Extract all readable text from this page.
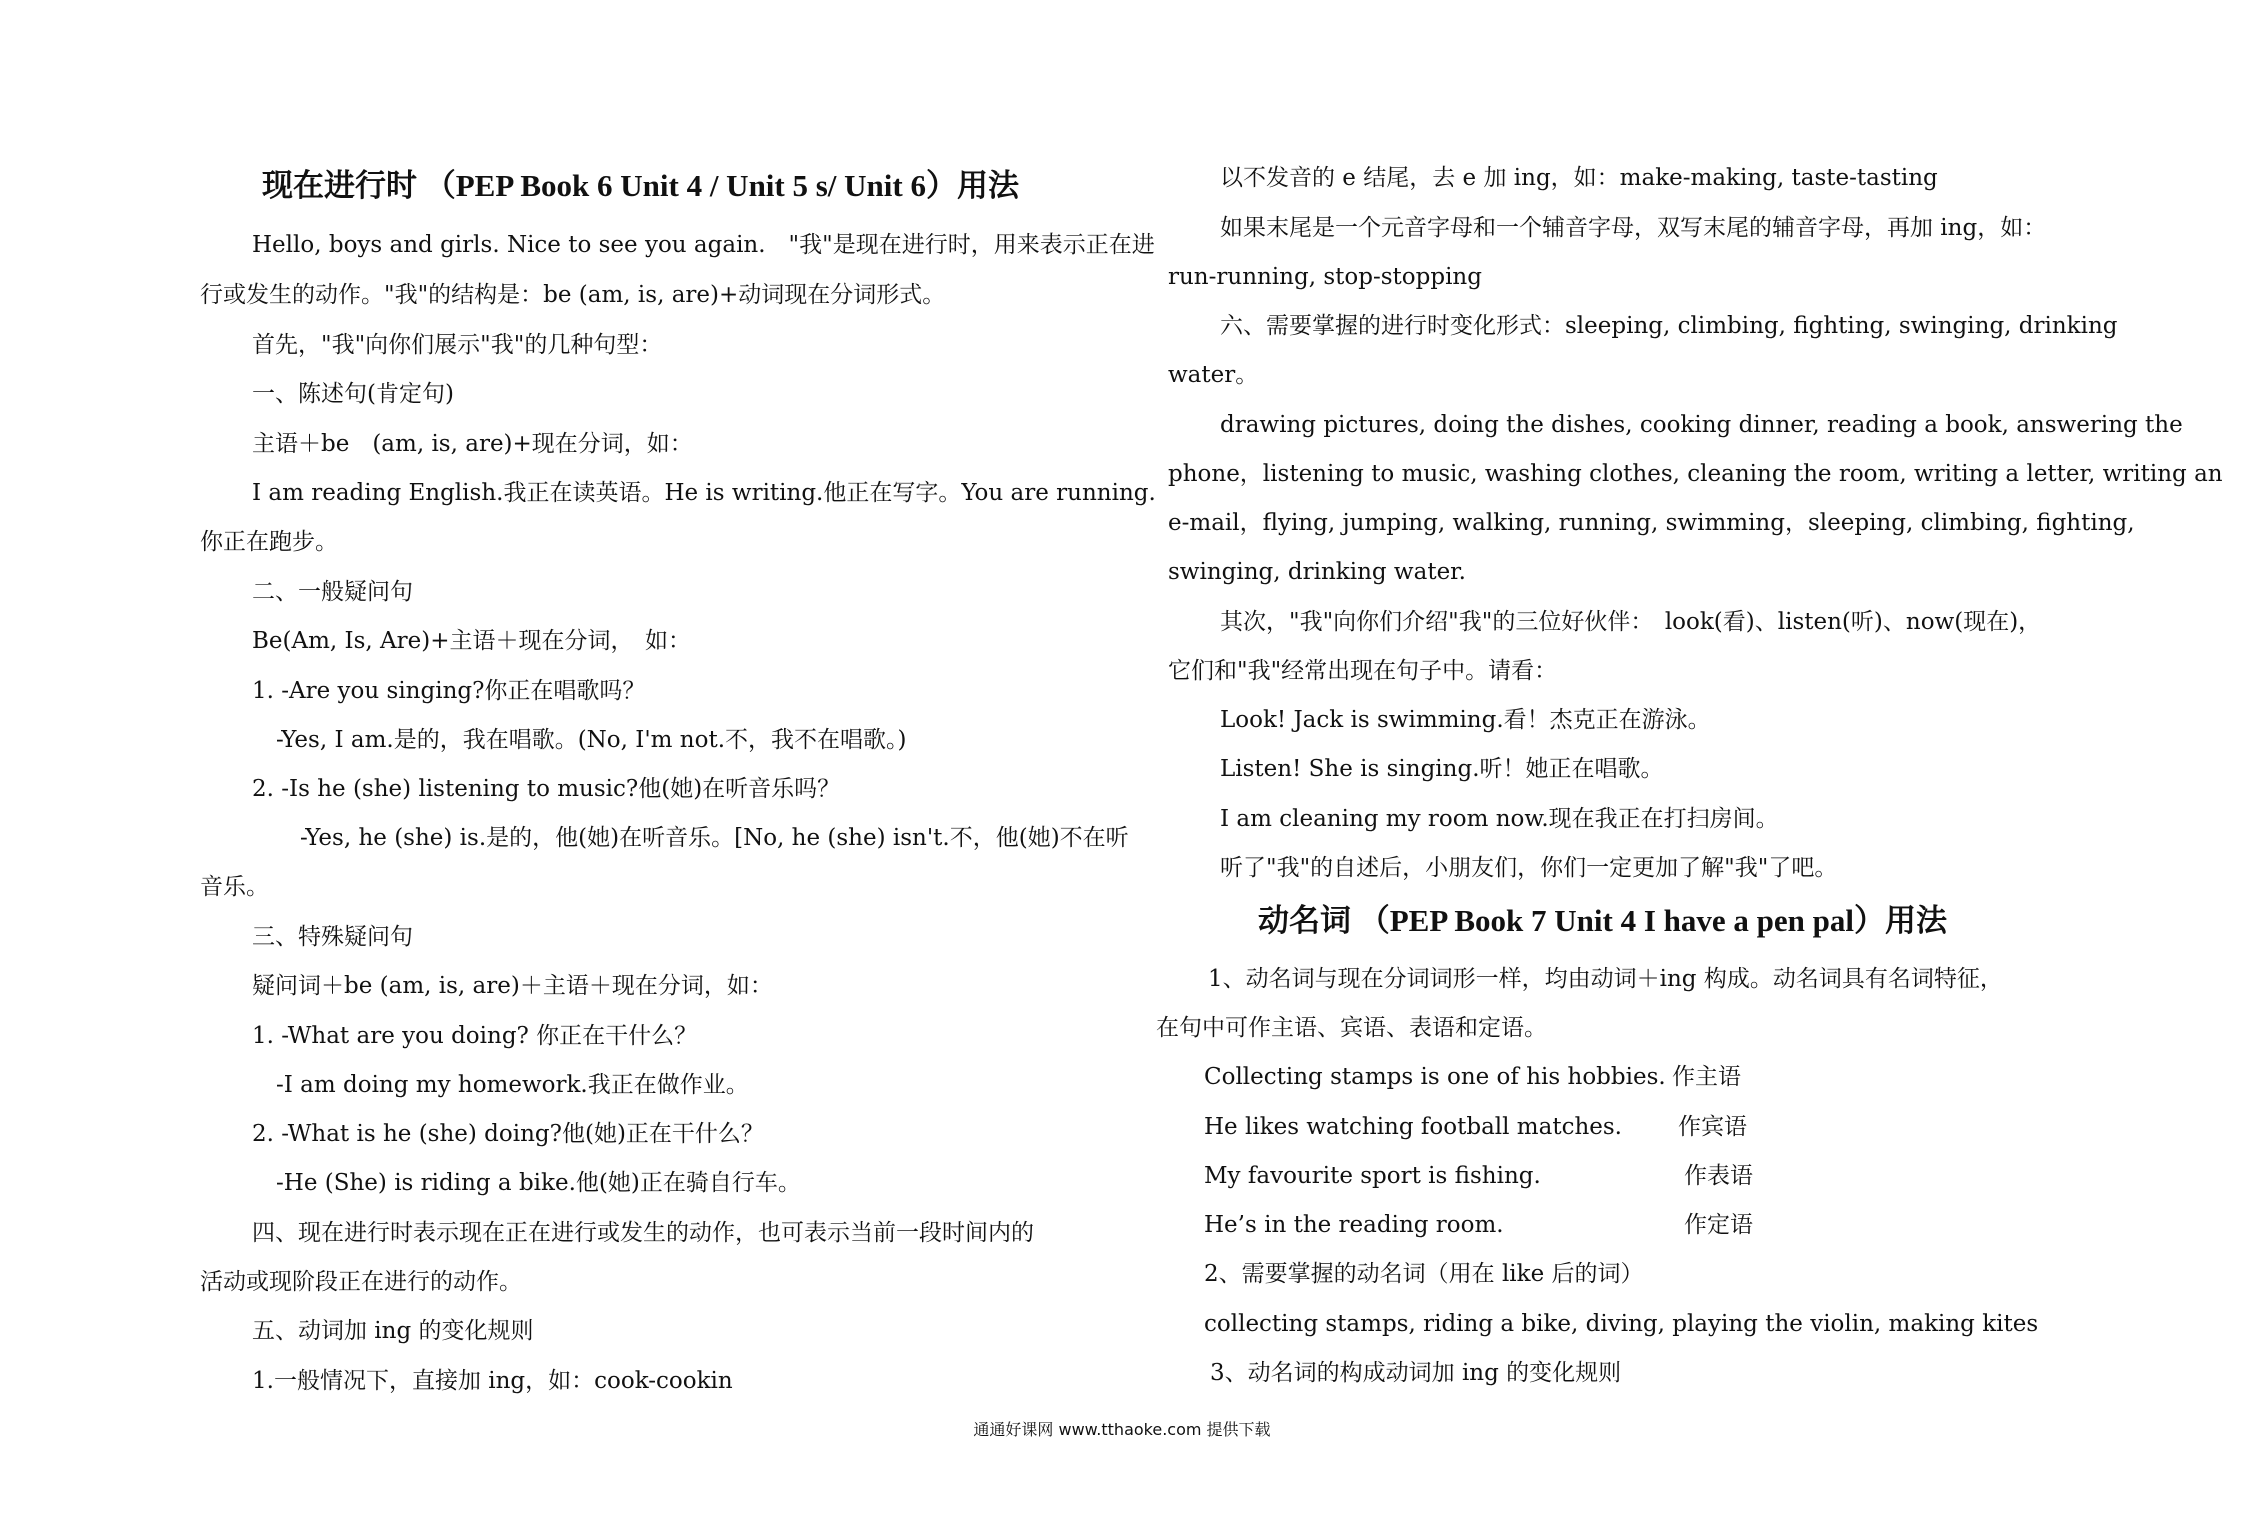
现在进行时 （PEP Book 6 Unit 4 / Unit 5 s/ Unit 6）用法
Hello, boys and girls. Nice to see you again.　"我"是现在进行时，用来表示正在进
行或发生的动作。"我"的结构是：be (am, is, are)+动词现在分词形式。
首先，"我"向你们展示"我"的几种句型：
一、陈述句(肯定句)
主语＋be　(am, is, are)+现在分词，如：
I am reading English.我正在读英语。He is writing.他正在写字。You are running.
你正在跑步。
二、一般疑问句
Be(Am, Is, Are)+主语＋现在分词，　如：
1. -Are you singing?你正在唱歌吗？
-Yes, I am.是的，我在唱歌。(No, I'm not.不，我不在唱歌。)
2. -Is he (she) listening to music?他(她)在听音乐吗？
-Yes, he (she) is.是的，他(她)在听音乐。[No, he (she) isn't.不，他(她)不在听
音乐。
三、特殊疑问句
疑问词＋be (am, is, are)＋主语＋现在分词，如：
1. -What are you doing? 你正在干什么？
-I am doing my homework.我正在做作业。
2. -What is he (she) doing?他(她)正在干什么？
-He (She) is riding a bike.他(她)正在骑自行车。
四、现在进行时表示现在正在进行或发生的动作，也可表示当前一段时间内的
活动或现阶段正在进行的动作。
五、动词加 ing 的变化规则
1.一般情况下，直接加 ing，如：cook-cookin
以不发音的 e 结尾，去 e 加 ing，如：make-making, taste-tasting
如果末尾是一个元音字母和一个辅音字母，双写末尾的辅音字母，再加 ing，如：
run-running, stop-stopping
六、需要掌握的进行时变化形式：sleeping, climbing, fighting, swinging, drinking
water。
drawing pictures, doing the dishes, cooking dinner, reading a book, answering the
phone，listening to music, washing clothes, cleaning the room, writing a letter, writing an
e-mail，flying, jumping, walking, running, swimming，sleeping, climbing, fighting,
swinging, drinking water.
其次，"我"向你们介绍"我"的三位好伙伴：　look(看)、listen(听)、now(现在)，
它们和"我"经常出现在句子中。请看：
Look! Jack is swimming.看！杰克正在游泳。
Listen! She is singing.听！她正在唱歌。
I am cleaning my room now.现在我正在打扫房间。
听了"我"的自述后，小朋友们，你们一定更加了解"我"了吧。
动名词 （PEP Book 7 Unit 4 I have a pen pal）用法
1、动名词与现在分词词形一样，均由动词＋ing 构成。动名词具有名词特征，
在句中可作主语、宾语、表语和定语。
Collecting stamps is one of his hobbies. 作主语
He likes watching football matches. 作宾语
My favourite sport is fishing.	作表语
He’s in the reading room.	作定语
2、需要掌握的动名词（用在 like 后的词）
collecting stamps, riding a bike, diving, playing the violin, making kites
3、动名词的构成动词加 ing 的变化规则
通通好课网 www.tthaoke.com 提供下载
